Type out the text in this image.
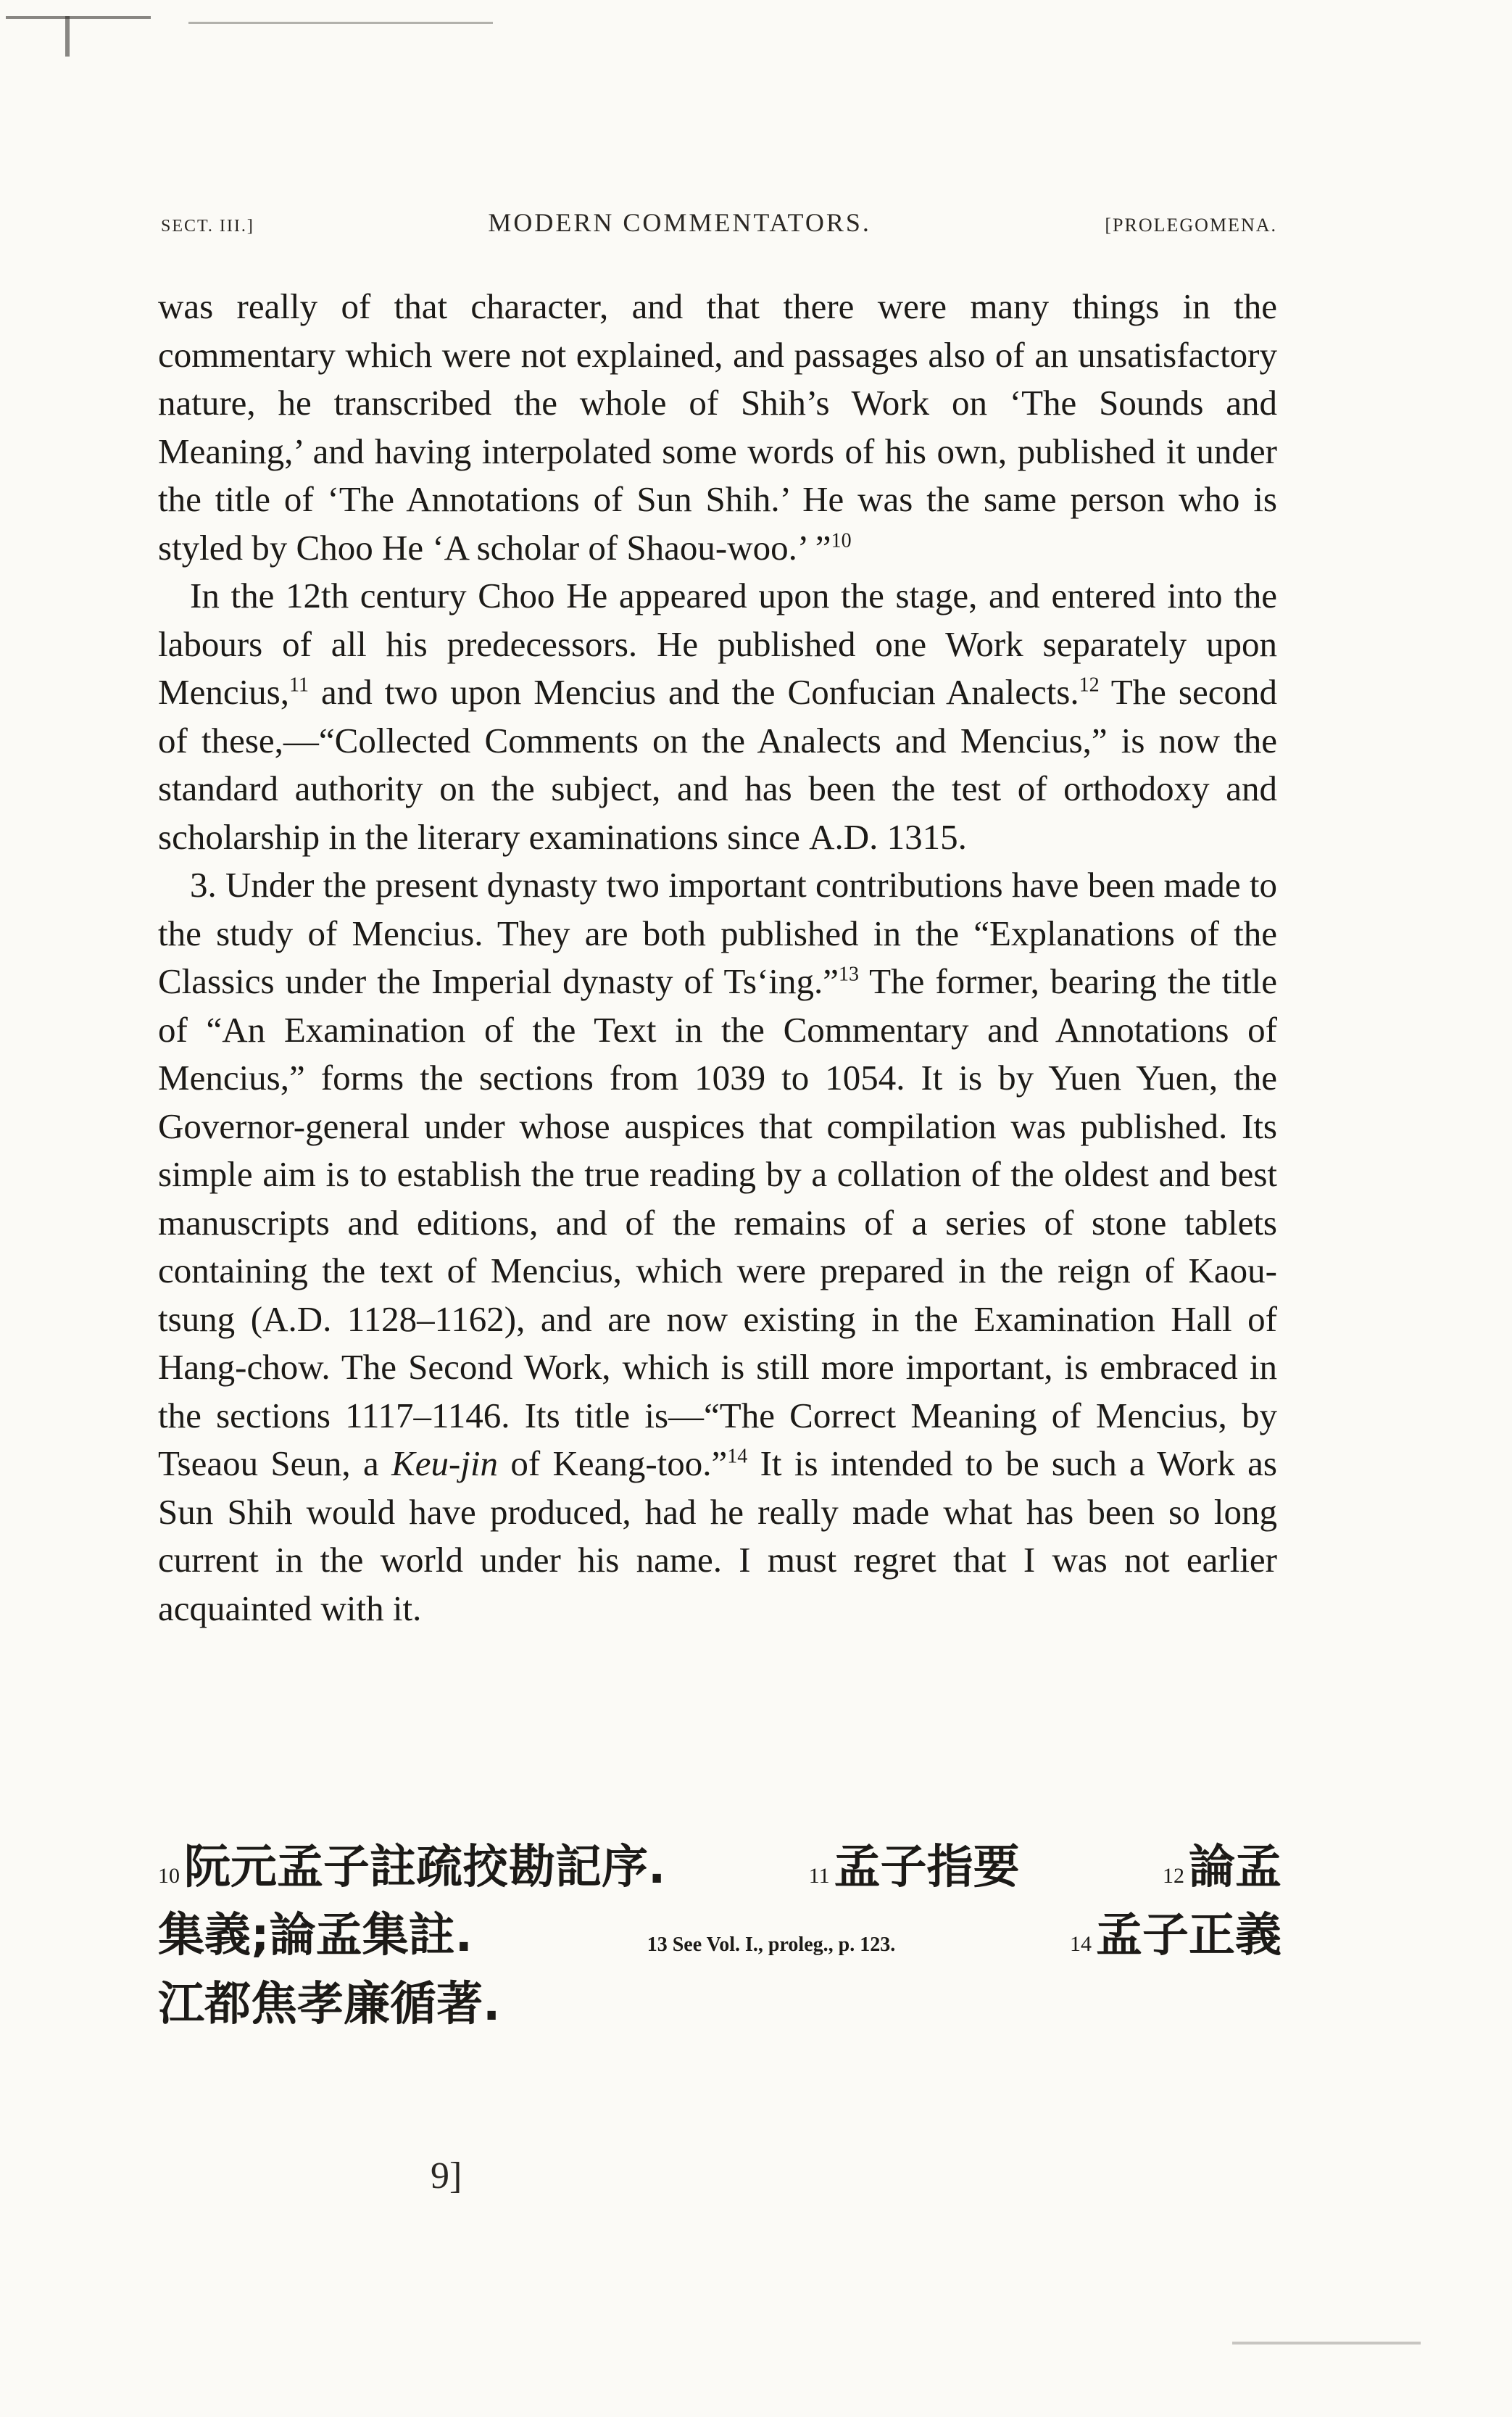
SECT. III.]	MODERN COMMENTATORS.	[PROLEGOMENA.

was really of that character, and that there were many things in the commentary which were not explained, and passages also of an unsatisfactory nature, he transcribed the whole of Shih’s Work on ‘The Sounds and Meaning,’ and having interpolated some words of his own, published it under the title of ‘The Annotations of Sun Shih.’ He was the same person who is styled by Choo He ‘A scholar of Shaou-woo.’ ”$^{10}$

In the 12th century Choo He appeared upon the stage, and entered into the labours of all his predecessors. He published one Work separately upon Mencius,$^{11}$ and two upon Mencius and the Confucian Analects.$^{12}$ The second of these,—“Collected Comments on the Analects and Mencius,” is now the standard authority on the subject, and has been the test of orthodoxy and scholarship in the literary examinations since A.D. 1315.

3. Under the present dynasty two important contributions have been made to the study of Mencius. They are both published in the “Explanations of the Classics under the Imperial dynasty of Ts‘ing.”$^{13}$ The former, bearing the title of “An Examination of the Text in the Commentary and Annotations of Mencius,” forms the sections from 1039 to 1054. It is by Yuen Yuen, the Governor-general under whose auspices that compilation was published. Its simple aim is to establish the true reading by a collation of the oldest and best manuscripts and editions, and of the remains of a series of stone tablets containing the text of Mencius, which were prepared in the reign of Kaou-tsung (A.D. 1128–1162), and are now existing in the Examination Hall of Hang-chow. The Second Work, which is still more important, is embraced in the sections 1117–1146. Its title is—“The Correct Meaning of Mencius, by Tseaou Seun, a Keu-jin of Keang-too.”$^{14}$ It is intended to be such a Work as Sun Shih would have produced, had he really made what has been so long current in the world under his name. I must regret that I was not earlier acquainted with it.

10阮元孟子註疏挍勘記序.	11孟子指要	12論孟
集義;論孟集註.	13 See Vol. I., proleg., p. 123.	14孟子正義
江都焦孝廉循著.
9]
